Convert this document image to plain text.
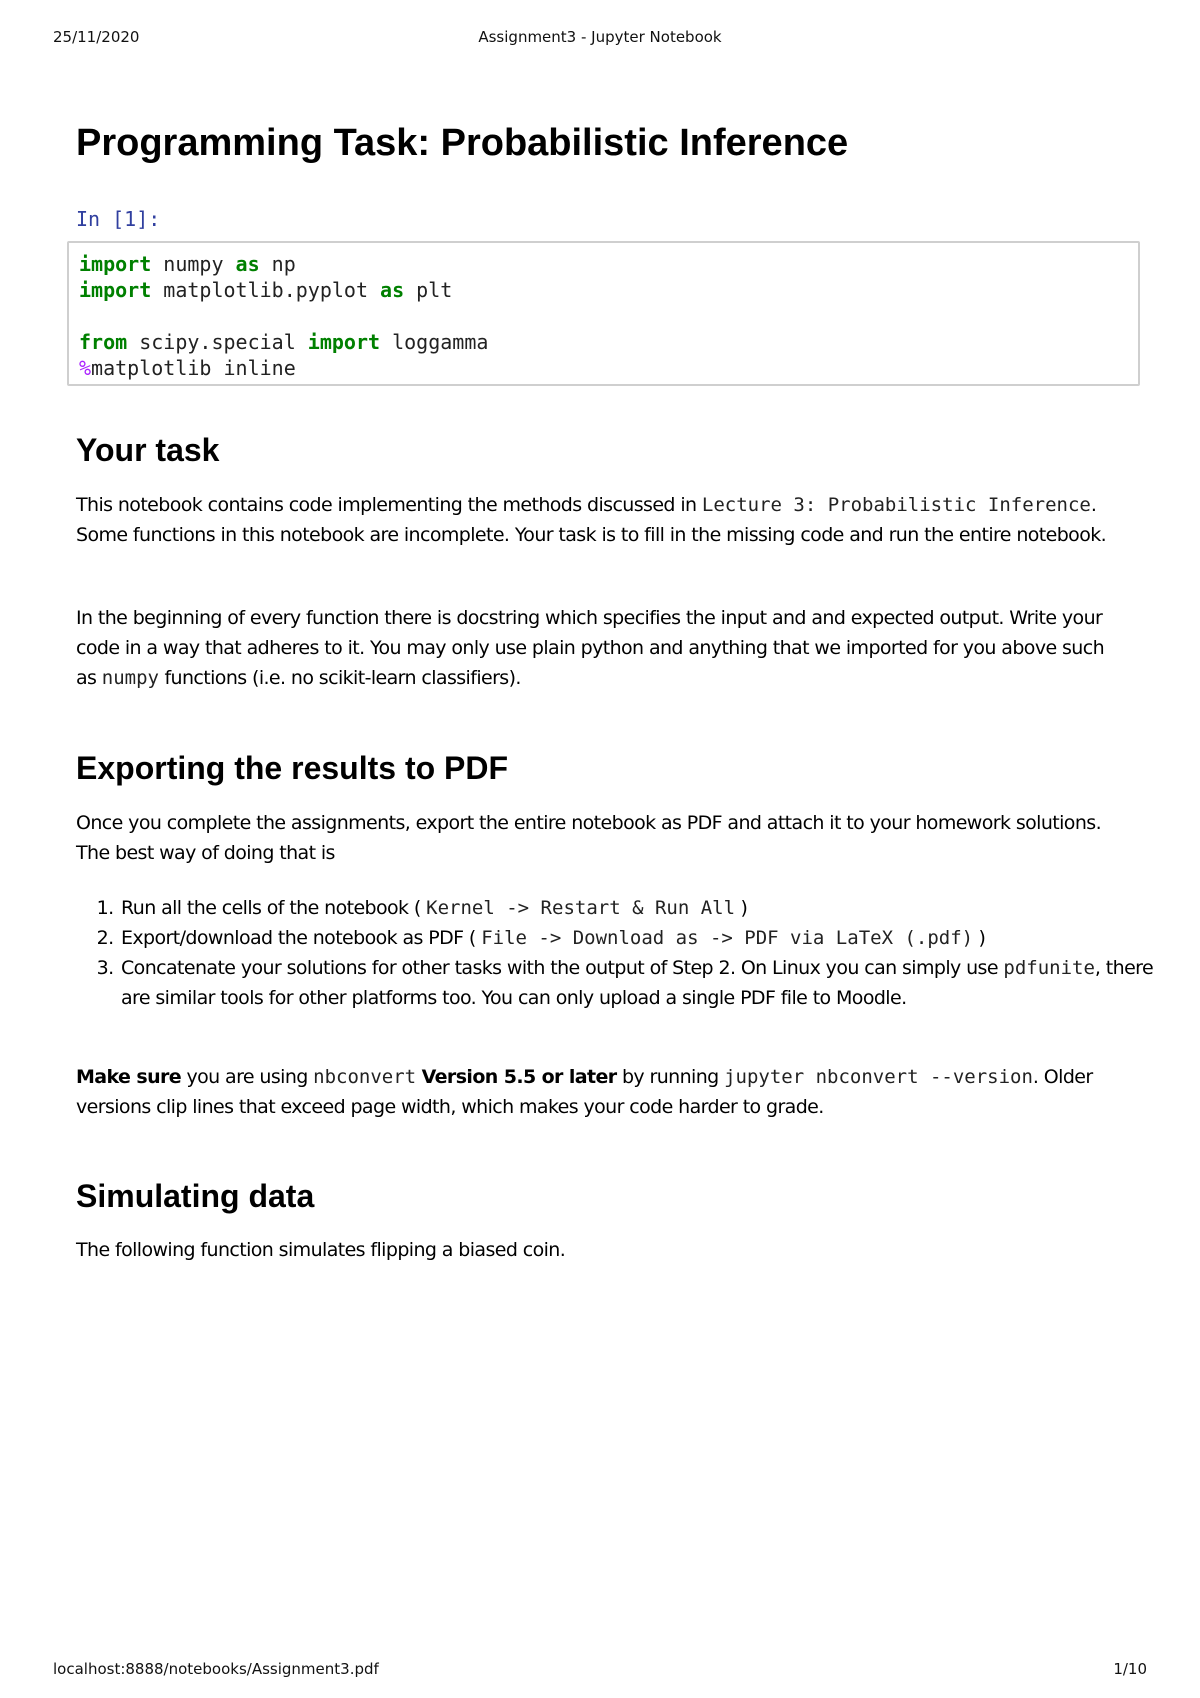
25/11/2020	Assignment3 - Jupyter Notebook
localhost:8888/notebooks/Assignment3.pdf	1/10
Programming Task: Probabilistic Inference
In [1]:
import numpy as np
import matplotlib.pyplot as plt

from scipy.special import loggamma
%matplotlib inline
Your task

This notebook contains code implementing the methods discussed in Lecture 3: Probabilistic Inference. Some functions in this notebook are incomplete. Your task is to fill in the missing code and run the entire notebook.

In the beginning of every function there is docstring which specifies the input and and expected output. Write your code in a way that adheres to it. You may only use plain python and anything that we imported for you above such as numpy functions (i.e. no scikit-learn classifiers).

Exporting the results to PDF

Once you complete the assignments, export the entire notebook as PDF and attach it to your homework solutions. The best way of doing that is

1. Run all the cells of the notebook ( Kernel -> Restart & Run All )
2. Export/download the notebook as PDF ( File -> Download as -> PDF via LaTeX (.pdf) )
3. Concatenate your solutions for other tasks with the output of Step 2. On Linux you can simply use pdfunite, there are similar tools for other platforms too. You can only upload a single PDF file to Moodle.

Make sure you are using nbconvert Version 5.5 or later by running jupyter nbconvert --version. Older versions clip lines that exceed page width, which makes your code harder to grade.

Simulating data

The following function simulates flipping a biased coin.
